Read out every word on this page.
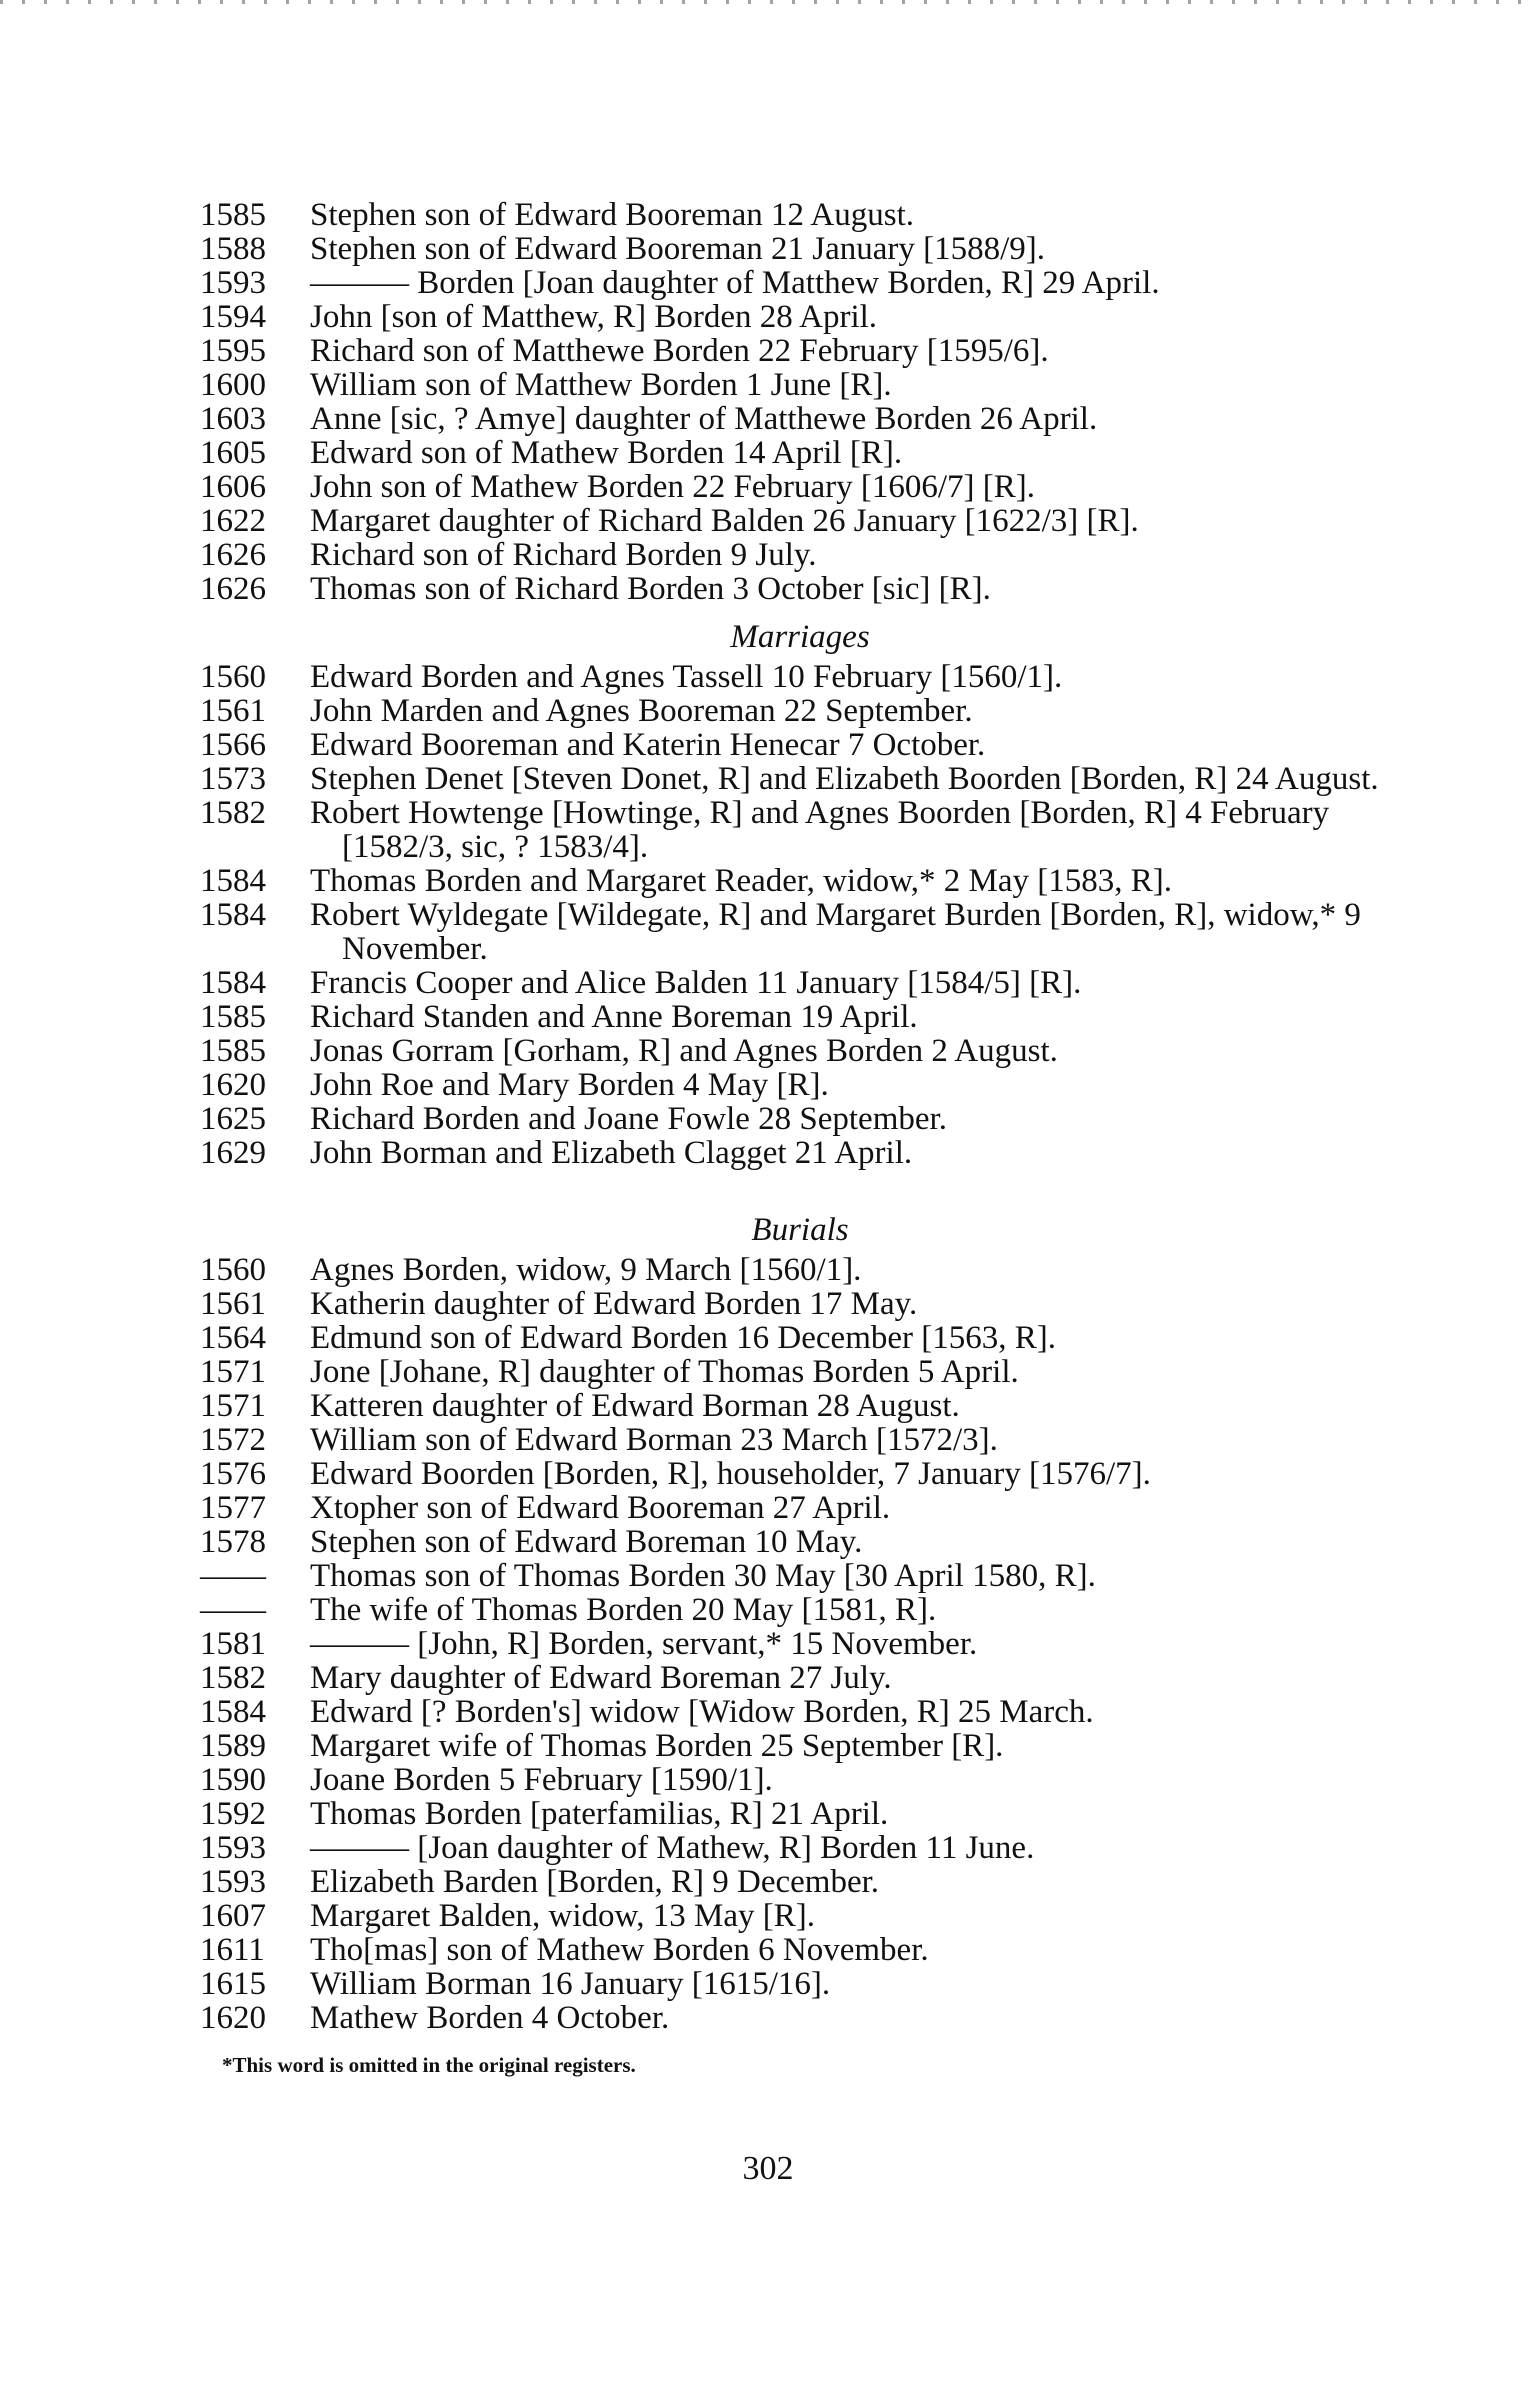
1585	Stephen son of Edward Booreman 12 August.
1588	Stephen son of Edward Booreman 21 January [1588/9].
1593	——— Borden [Joan daughter of Matthew Borden, R] 29 April.
1594	John [son of Matthew, R] Borden 28 April.
1595	Richard son of Matthewe Borden 22 February [1595/6].
1600	William son of Matthew Borden 1 June [R].
1603	Anne [sic, ? Amye] daughter of Matthewe Borden 26 April.
1605	Edward son of Mathew Borden 14 April [R].
1606	John son of Mathew Borden 22 February [1606/7] [R].
1622	Margaret daughter of Richard Balden 26 January [1622/3] [R].
1626	Richard son of Richard Borden 9 July.
1626	Thomas son of Richard Borden 3 October [sic] [R].
Marriages
1560	Edward Borden and Agnes Tassell 10 February [1560/1].
1561	John Marden and Agnes Booreman 22 September.
1566	Edward Booreman and Katerin Henecar 7 October.
1573	Stephen Denet [Steven Donet, R] and Elizabeth Boorden [Borden, R] 24 August.
1582	Robert Howtenge [Howtinge, R] and Agnes Boorden [Borden, R] 4 February [1582/3, sic, ? 1583/4].
1584	Thomas Borden and Margaret Reader, widow,* 2 May [1583, R].
1584	Robert Wyldegate [Wildegate, R] and Margaret Burden [Borden, R], widow,* 9 November.
1584	Francis Cooper and Alice Balden 11 January [1584/5] [R].
1585	Richard Standen and Anne Boreman 19 April.
1585	Jonas Gorram [Gorham, R] and Agnes Borden 2 August.
1620	John Roe and Mary Borden 4 May [R].
1625	Richard Borden and Joane Fowle 28 September.
1629	John Borman and Elizabeth Clagget 21 April.
Burials
1560	Agnes Borden, widow, 9 March [1560/1].
1561	Katherin daughter of Edward Borden 17 May.
1564	Edmund son of Edward Borden 16 December [1563, R].
1571	Jone [Johane, R] daughter of Thomas Borden 5 April.
1571	Katteren daughter of Edward Borman 28 August.
1572	William son of Edward Borman 23 March [1572/3].
1576	Edward Boorden [Borden, R], householder, 7 January [1576/7].
1577	Xtopher son of Edward Booreman 27 April.
1578	Stephen son of Edward Boreman 10 May.
——	Thomas son of Thomas Borden 30 May [30 April 1580, R].
——	The wife of Thomas Borden 20 May [1581, R].
1581	——— [John, R] Borden, servant,* 15 November.
1582	Mary daughter of Edward Boreman 27 July.
1584	Edward [? Borden's] widow [Widow Borden, R] 25 March.
1589	Margaret wife of Thomas Borden 25 September [R].
1590	Joane Borden 5 February [1590/1].
1592	Thomas Borden [paterfamilias, R] 21 April.
1593	——— [Joan daughter of Mathew, R] Borden 11 June.
1593	Elizabeth Barden [Borden, R] 9 December.
1607	Margaret Balden, widow, 13 May [R].
1611	Tho[mas] son of Mathew Borden 6 November.
1615	William Borman 16 January [1615/16].
1620	Mathew Borden 4 October.
*This word is omitted in the original registers.
302
